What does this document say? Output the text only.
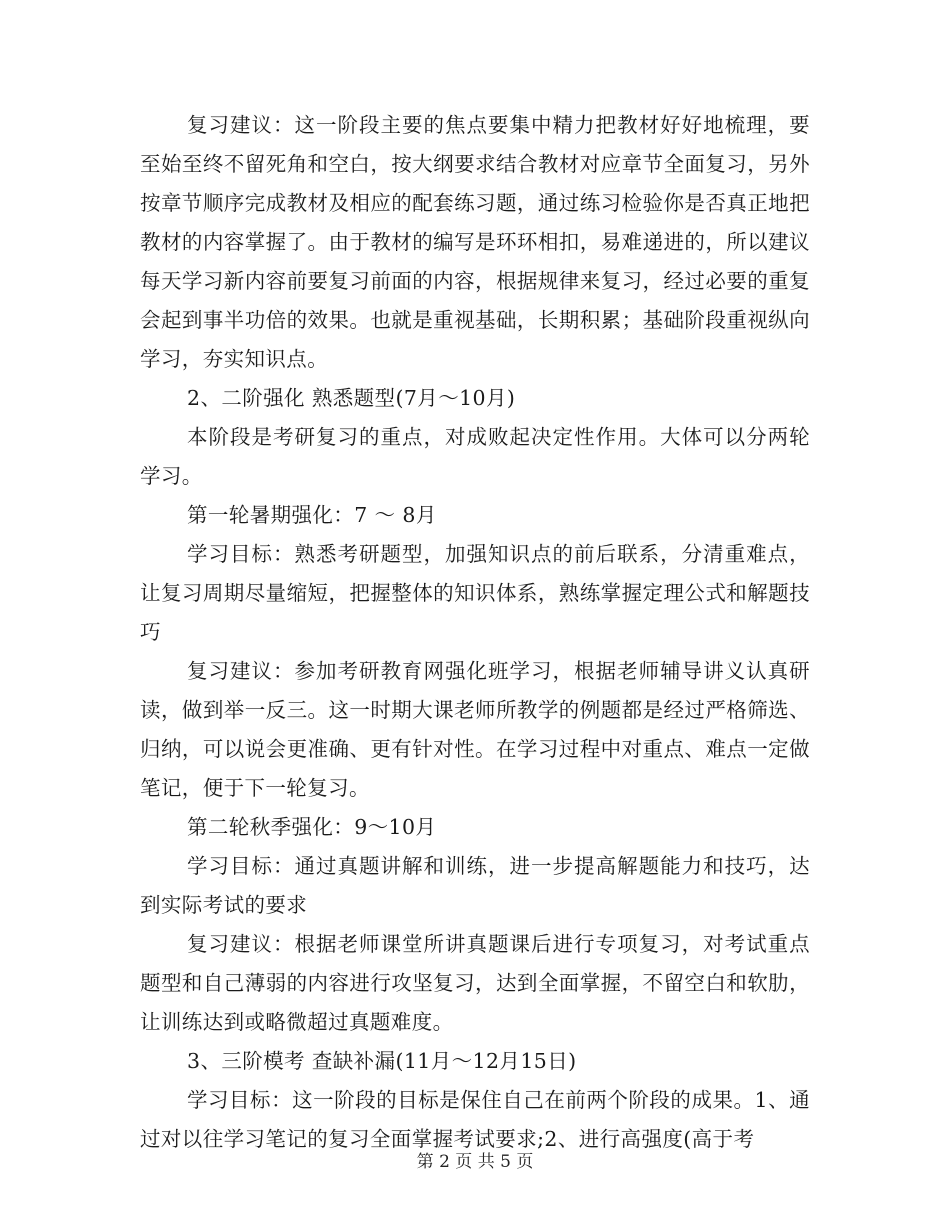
复习建议：这一阶段主要的焦点要集中精力把教材好好地梳理，要至始至终不留死角和空白，按大纲要求结合教材对应章节全面复习，另外按章节顺序完成教材及相应的配套练习题，通过练习检验你是否真正地把教材的内容掌握了。由于教材的编写是环环相扣，易难递进的，所以建议每天学习新内容前要复习前面的内容，根据规律来复习，经过必要的重复会起到事半功倍的效果。也就是重视基础，长期积累；基础阶段重视纵向学习，夯实知识点。

2、二阶强化 熟悉题型(7月～10月)

本阶段是考研复习的重点，对成败起决定性作用。大体可以分两轮学习。

第一轮暑期强化：7 ～ 8月

学习目标：熟悉考研题型，加强知识点的前后联系，分清重难点，让复习周期尽量缩短，把握整体的知识体系，熟练掌握定理公式和解题技巧

复习建议：参加考研教育网强化班学习，根据老师辅导讲义认真研读，做到举一反三。这一时期大课老师所教学的例题都是经过严格筛选、归纳，可以说会更准确、更有针对性。在学习过程中对重点、难点一定做笔记，便于下一轮复习。

第二轮秋季强化：9～10月

学习目标：通过真题讲解和训练，进一步提高解题能力和技巧，达到实际考试的要求

复习建议：根据老师课堂所讲真题课后进行专项复习，对考试重点题型和自己薄弱的内容进行攻坚复习，达到全面掌握，不留空白和软肋，让训练达到或略微超过真题难度。

3、三阶模考 查缺补漏(11月～12月15日)

学习目标：这一阶段的目标是保住自己在前两个阶段的成果。1、通过对以往学习笔记的复习全面掌握考试要求;2、进行高强度(高于考

第 2 页 共 5 页
